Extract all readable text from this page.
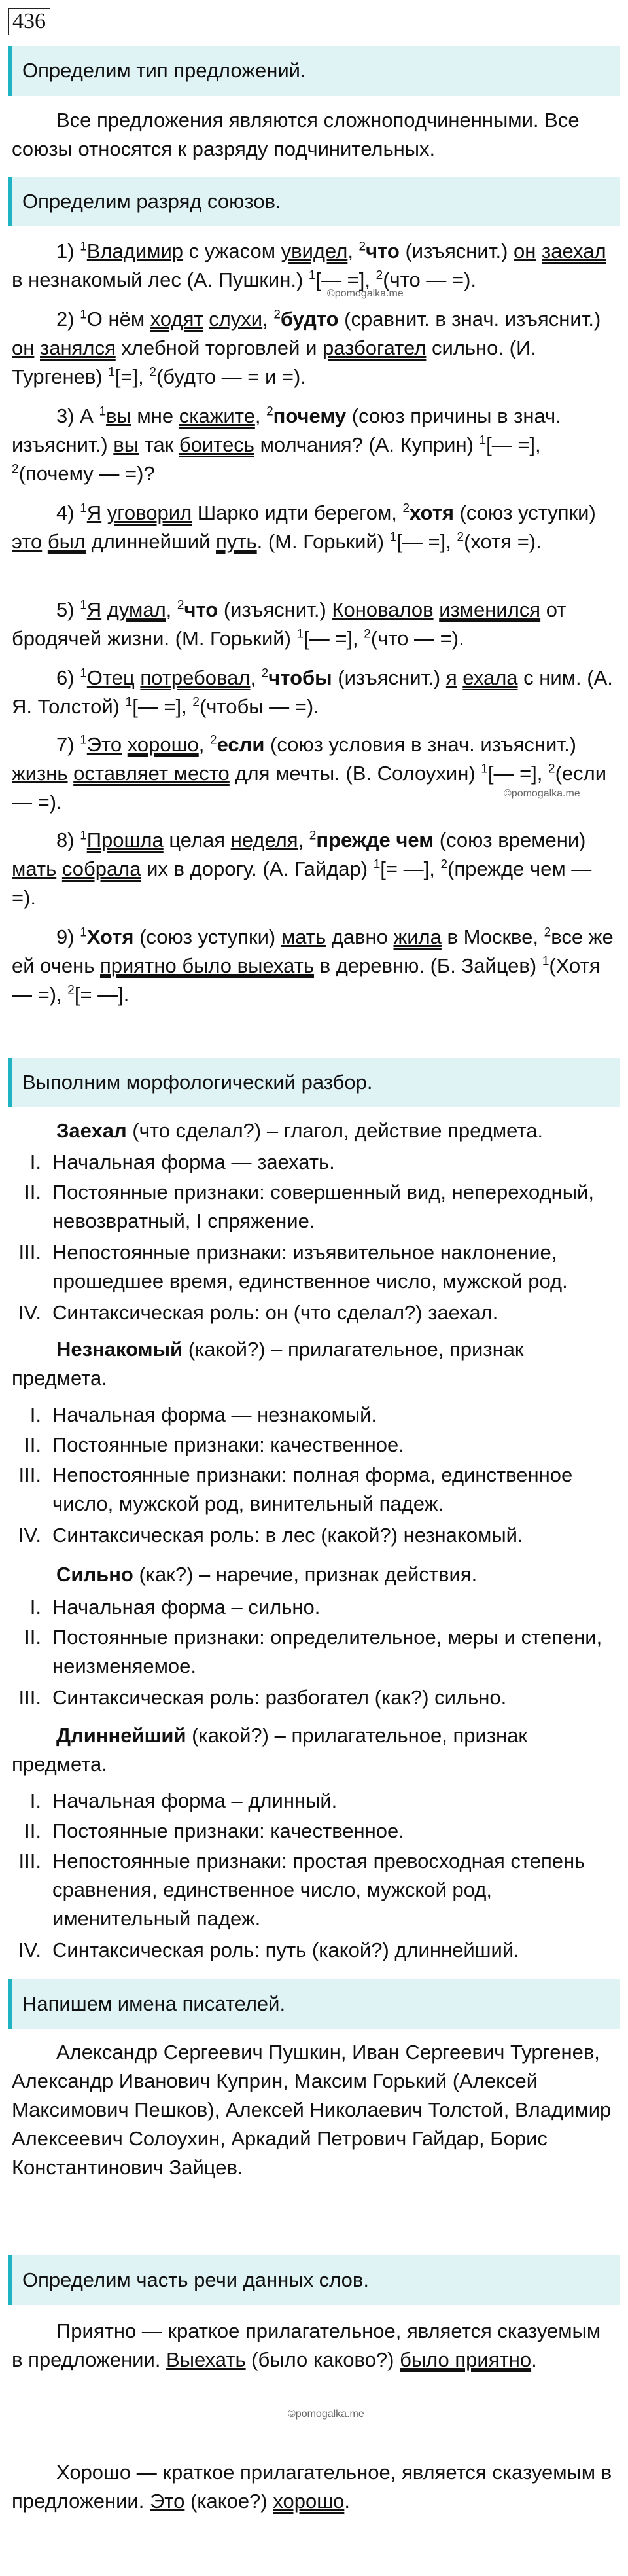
436
Определим тип предложений.
Все предложения являются сложноподчиненными. Все союзы относятся к разряду подчинительных.
Определим разряд союзов.
1) $^1$Владимир с ужасом увидел, $^2$что (изъяснит.) он заехал в незнакомый лес (А. Пушкин.) $^1$[— =], $^2$(что — =).
©pomogalka.me
2) $^1$О нём ходят слухи, $^2$будто (сравнит. в знач. изъяснит.) он занялся хлебной торговлей и разбогател сильно. (И. Тургенев) $^1$[=], $^2$(будто — = и =).
3) А $^1$вы мне скажите, $^2$почему (союз причины в знач. изъяснит.) вы так боитесь молчания? (А. Куприн) $^1$[— =], $^2$(почему — =)?
4) $^1$Я уговорил Шарко идти берегом, $^2$хотя (союз уступки) это был длиннейший путь. (М. Горький) $^1$[— =], $^2$(хотя =).
5) $^1$Я думал, $^2$что (изъяснит.) Коновалов изменился от бродячей жизни. (М. Горький) $^1$[— =], $^2$(что — =).
6) $^1$Отец потребовал, $^2$чтобы (изъяснит.) я ехала с ним. (А. Я. Толстой) $^1$[— =], $^2$(чтобы — =).
7) $^1$Это хорошо, $^2$если (союз условия в знач. изъяснит.) жизнь оставляет место для мечты. (В. Солоухин) $^1$[— =], $^2$(если — =).	©pomogalka.me
8) $^1$Прошла целая неделя, $^2$прежде чем (союз времени) мать собрала их в дорогу. (А. Гайдар) $^1$[= —], $^2$(прежде чем — =).
9) $^1$Хотя (союз уступки) мать давно жила в Москве, $^2$все же ей очень приятно было выехать в деревню. (Б. Зайцев) $^1$(Хотя — =), $^2$[= —].
Выполним морфологический разбор.
Заехал (что сделал?) – глагол, действие предмета.
I. Начальная форма — заехать.
II. Постоянные признаки: совершенный вид, непереходный, невозвратный, I спряжение.
III. Непостоянные признаки: изъявительное наклонение, прошедшее время, единственное число, мужской род.
IV. Синтаксическая роль: он (что сделал?) заехал.
Незнакомый (какой?) – прилагательное, признак предмета.
I. Начальная форма — незнакомый.
II. Постоянные признаки: качественное.
III. Непостоянные признаки: полная форма, единственное число, мужской род, винительный падеж.
IV. Синтаксическая роль: в лес (какой?) незнакомый.
Сильно (как?) – наречие, признак действия.
I. Начальная форма – сильно.
II. Постоянные признаки: определительное, меры и степени, неизменяемое.
III. Синтаксическая роль: разбогател (как?) сильно.
Длиннейший (какой?) – прилагательное, признак предмета.
I. Начальная форма – длинный.
II. Постоянные признаки: качественное.
III. Непостоянные признаки: простая превосходная степень сравнения, единственное число, мужской род, именительный падеж.
IV. Синтаксическая роль: путь (какой?) длиннейший.
Напишем имена писателей.
Александр Сергеевич Пушкин, Иван Сергеевич Тургенев, Александр Иванович Куприн, Максим Горький (Алексей Максимович Пешков), Алексей Николаевич Толстой, Владимир Алексеевич Солоухин, Аркадий Петрович Гайдар, Борис Константинович Зайцев.
Определим часть речи данных слов.
Приятно — краткое прилагательное, является сказуемым в предложении. Выехать (было каково?) было приятно.
©pomogalka.me
Хорошо — краткое прилагательное, является сказуемым в предложении. Это (какое?) хорошо.
